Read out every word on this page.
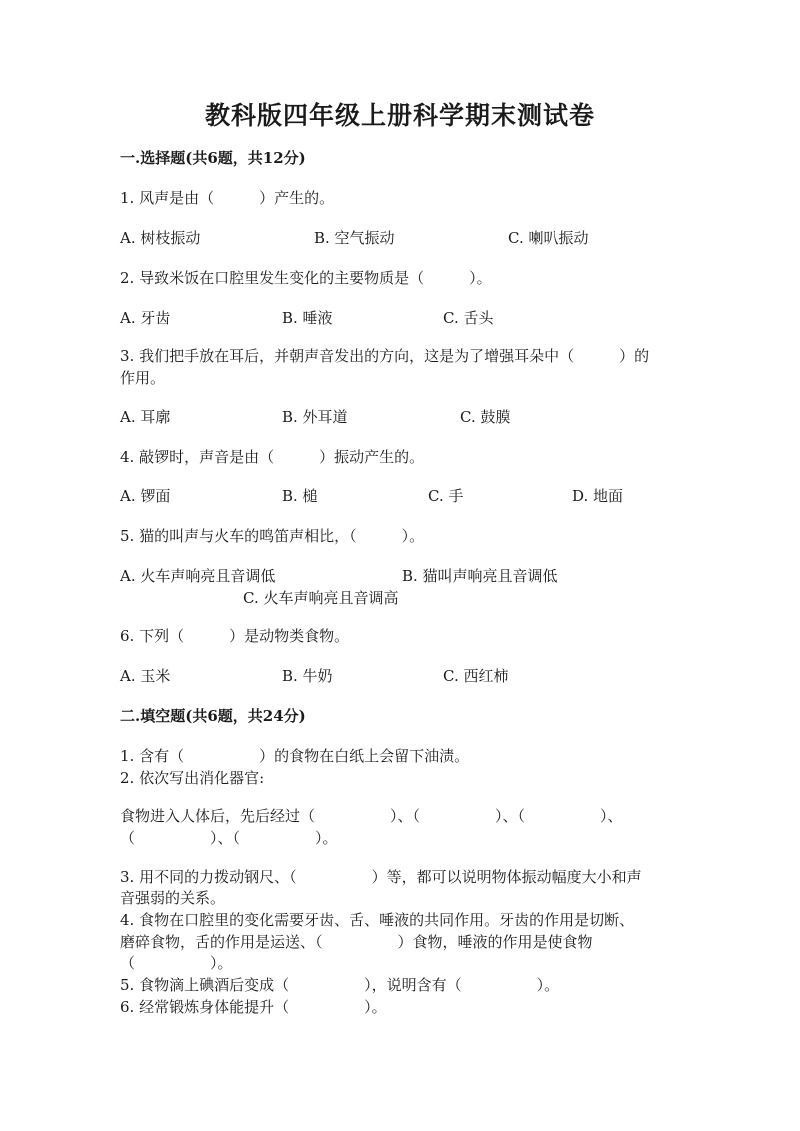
教科版四年级上册科学期末测试卷
一.选择题(共6题，共12分)
1. 风声是由（　　　）产生的。
A. 树枝振动	B. 空气振动	C. 喇叭振动
2. 导致米饭在口腔里发生变化的主要物质是（　　　）。
A. 牙齿	B. 唾液	C. 舌头
3. 我们把手放在耳后，并朝声音发出的方向，这是为了增强耳朵中（　　　）的
作用。
A. 耳廓	B. 外耳道	C. 鼓膜
4. 敲锣时，声音是由（　　　）振动产生的。
A. 锣面	B. 槌	C. 手	D. 地面
5. 猫的叫声与火车的鸣笛声相比，（　　　）。
A. 火车声响亮且音调低	B. 猫叫声响亮且音调低
C. 火车声响亮且音调高
6. 下列（　　　）是动物类食物。
A. 玉米	B. 牛奶	C. 西红柿
二.填空题(共6题，共24分)
1. 含有（　　　　　）的食物在白纸上会留下油渍。
2. 依次写出消化器官:
食物进入人体后，先后经过（　　　　　）、（　　　　　）、（　　　　　）、
（　　　　　）、（　　　　　）。
3. 用不同的力拨动钢尺、（　　　　　）等，都可以说明物体振动幅度大小和声
音强弱的关系。
4. 食物在口腔里的变化需要牙齿、舌、唾液的共同作用。牙齿的作用是切断、
磨碎食物，舌的作用是运送、（　　　　　）食物，唾液的作用是使食物
（　　　　　）。
5. 食物滴上碘酒后变成（　　　　　），说明含有（　　　　　）。
6. 经常锻炼身体能提升（　　　　　）。
